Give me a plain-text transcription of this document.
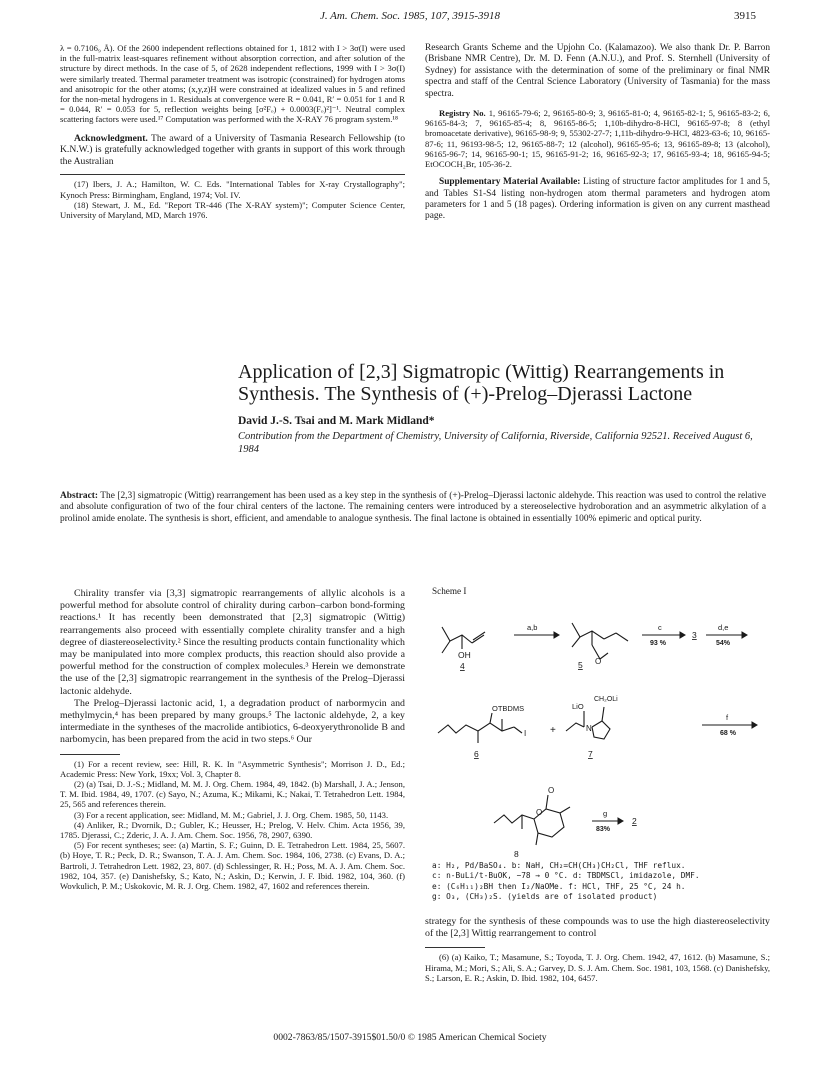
J. Am. Chem. Soc. 1985, 107, 3915-3918	3915

λ = 0.7106₉ Å). Of the 2600 independent reflections obtained for 1, 1812 with I > 3σ(I) were used in the full-matrix least-squares refinement without absorption correction, and after solution of the structure by direct methods. In the case of 5, of 2628 independent reflections, 1999 with I > 3σ(I) were similarly treated. Thermal parameter treatment was isotropic (constrained) for hydrogen atoms and anisotropic for the other atoms; (x,y,z)H were constrained at idealized values in 5 and refined for the non-metal hydrogens in 1. Residuals at convergence were R = 0.041, R′ = 0.051 for 1 and R = 0.044, R′ = 0.053 for 5, reflection weights being [σ²Fₒ) + 0.0003(Fₒ)²]⁻¹. Neutral complex scattering factors were used.¹⁷ Computation was performed with the X-RAY 76 program system.¹⁸

Acknowledgment. The award of a University of Tasmania Research Fellowship (to K.N.W.) is gratefully acknowledged together with grants in support of this work through the Australian

(17) Ibers, J. A.; Hamilton, W. C. Eds. "International Tables for X-ray Crystallography"; Kynoch Press: Birmingham, England, 1974; Vol. IV.

(18) Stewart, J. M., Ed. "Report TR-446 (The X-RAY system)"; Computer Science Center, University of Maryland, MD, March 1976.

Research Grants Scheme and the Upjohn Co. (Kalamazoo). We also thank Dr. P. Barron (Brisbane NMR Centre), Dr. M. D. Fenn (A.N.U.), and Prof. S. Sternhell (University of Sydney) for assistance with the determination of some of the preliminary or final NMR spectra and staff of the Central Science Laboratory (University of Tasmania) for the mass spectra.

Registry No. 1, 96165-79-6; 2, 96165-80-9; 3, 96165-81-0; 4, 96165-82-1; 5, 96165-83-2; 6, 96165-84-3; 7, 96165-85-4; 8, 96165-86-5; 1,10b-dihydro-8-HCl, 96165-97-8; 8 (ethyl bromoacetate derivative), 96165-98-9; 9, 55302-27-7; 1,11b-dihydro-9-HCl, 4823-63-6; 10, 96165-87-6; 11, 96193-98-5; 12, 96165-88-7; 12 (alcohol), 96165-95-6; 13, 96165-89-8; 13 (alcohol), 96165-96-7; 14, 96165-90-1; 15, 96165-91-2; 16, 96165-92-3; 17, 96165-93-4; 18, 96165-94-5; EtOCOCH₂Br, 105-36-2.

Supplementary Material Available: Listing of structure factor amplitudes for 1 and 5, and Tables S1-S4 listing non-hydrogen atom thermal parameters and hydrogen atom parameters for 1 and 5 (18 pages). Ordering information is given on any current masthead page.

Application of [2,3] Sigmatropic (Wittig) Rearrangements in Synthesis. The Synthesis of (+)-Prelog–Djerassi Lactone
David J.-S. Tsai and M. Mark Midland*
Contribution from the Department of Chemistry, University of California, Riverside, California 92521. Received August 6, 1984
Abstract: The [2,3] sigmatropic (Wittig) rearrangement has been used as a key step in the synthesis of (+)-Prelog–Djerassi lactonic aldehyde. This reaction was used to control the relative and absolute configuration of two of the four chiral centers of the lactone. The remaining centers were introduced by a stereoselective hydroboration and an asymmetric alkylation of a prolinol amide enolate. The synthesis is short, efficient, and amendable to analogue synthesis. The final lactone is obtained in essentially 100% epimeric and optical purity.

Chirality transfer via [3,3] sigmatropic rearrangements of allylic alcohols is a powerful method for absolute control of chirality during carbon–carbon bond-forming reactions.¹ It has recently been demonstrated that [2,3] sigmatropic (Wittig) rearrangements also proceed with essentially complete chirality transfer and a high degree of diastereoselectivity.² Since the resulting products contain functionality which may be manipulated into more complex products, this reaction should also provide a powerful method for the construction of complex molecules.³ Herein we demonstrate the use of the [2,3] sigmatropic rearrangement in the synthesis of the Prelog–Djerassi lactonic aldehyde.

The Prelog–Djerassi lactonic acid, 1, a degradation product of narbormycin and methylmycin,⁴ has been prepared by many groups.⁵ The lactonic aldehyde, 2, a key intermediate in the syntheses of the macrolide antibiotics, 6-deoxyerythronolide B and narbomycin, has been prepared from the acid in two steps.⁶ Our

(1) For a recent review, see: Hill, R. K. In "Asymmetric Synthesis"; Morrison J. D., Ed.; Academic Press: New York, 19xx; Vol. 3, Chapter 8.

(2) (a) Tsai, D. J.-S.; Midland, M. M. J. Org. Chem. 1984, 49, 1842. (b) Marshall, J. A.; Jenson, T. M. Ibid. 1984, 49, 1707. (c) Sayo, N.; Azuma, K.; Mikami, K.; Nakai, T. Tetrahedron Lett. 1984, 25, 565 and references therein.

(3) For a recent application, see: Midland, M. M.; Gabriel, J. J. Org. Chem. 1985, 50, 1143.

(4) Anliker, R.; Dvornik, D.; Gubler, K.; Heusser, H.; Prelog, V. Helv. Chim. Acta 1956, 39, 1785. Djerassi, C.; Zderic, J. A. J. Am. Chem. Soc. 1956, 78, 2907, 6390.

(5) For recent syntheses; see: (a) Martin, S. F.; Guinn, D. E. Tetrahedron Lett. 1984, 25, 5607. (b) Hoye, T. R.; Peck, D. R.; Swanson, T. A. J. Am. Chem. Soc. 1984, 106, 2738. (c) Evans, D. A.; Bartroli, J. Tetrahedron Lett. 1982, 23, 807. (d) Schlessinger, R. H.; Poss, M. A. J. Am. Chem. Soc. 1982, 104, 357. (e) Danishefsky, S.; Kato, N.; Askin, D.; Kerwin, J. F. Ibid. 1982, 104, 360. (f) Wovkulich, P. M.; Uskokovic, M. R. J. Org. Chem. 1982, 47, 1602 and references therein.

Scheme I
OH
4
a,b
O
5
c
93 %
3
d,e
54%
OTBDMS
I
6
+
LiO
CH₂OLi
N
7
f
68 %
O
O
8
g
83%
2
a: H₂, Pd/BaSO₄. b: NaH, CH₂=CH(CH₃)CH₂Cl, THF reflux.
c: n-BuLi/t-BuOK, −78 → 0 °C. d: TBDMSCl, imidazole, DMF.
e: (C₆H₁₁)₂BH then I₂/NaOMe. f: HCl, THF, 25 °C, 24 h.
g: O₃, (CH₃)₂S. (yields are of isolated product)

strategy for the synthesis of these compounds was to use the high diastereoselectivity of the [2,3] Wittig rearrangement to control

(6) (a) Kaiko, T.; Masamune, S.; Toyoda, T. J. Org. Chem. 1942, 47, 1612. (b) Masamune, S.; Hirama, M.; Mori, S.; Ali, S. A.; Garvey, D. S. J. Am. Chem. Soc. 1981, 103, 1568. (c) Danishefsky, S.; Larson, E. R.; Askin, D. Ibid. 1982, 104, 6457.

0002-7863/85/1507-3915$01.50/0 © 1985 American Chemical Society
